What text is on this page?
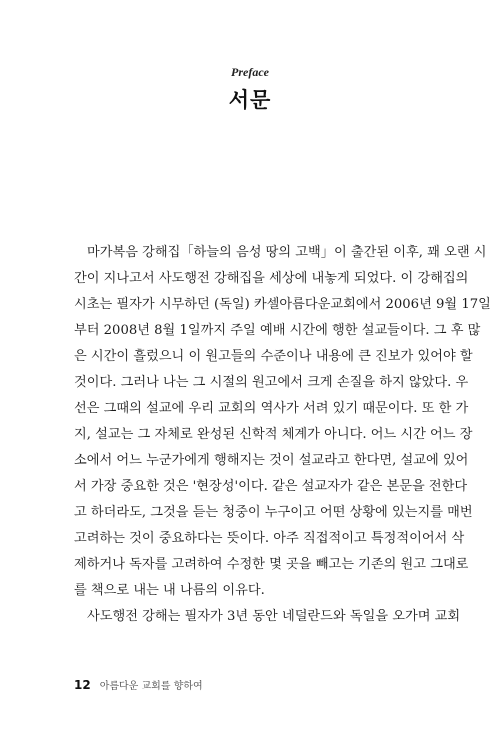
Preface
서문
마가복음 강해집「하늘의 음성 땅의 고백」이 출간된 이후, 꽤 오랜 시
간이 지나고서 사도행전 강해집을 세상에 내놓게 되었다. 이 강해집의
시초는 필자가 시무하던 (독일) 카셀아름다운교회에서 2006년 9월 17일
부터 2008년 8월 1일까지 주일 예배 시간에 행한 설교들이다. 그 후 많
은 시간이 흘렀으니 이 원고들의 수준이나 내용에 큰 진보가 있어야 할
것이다. 그러나 나는 그 시절의 원고에서 크게 손질을 하지 않았다. 우
선은 그때의 설교에 우리 교회의 역사가 서려 있기 때문이다. 또 한 가
지, 설교는 그 자체로 완성된 신학적 체계가 아니다. 어느 시간 어느 장
소에서 어느 누군가에게 행해지는 것이 설교라고 한다면, 설교에 있어
서 가장 중요한 것은 '현장성'이다. 같은 설교자가 같은 본문을 전한다
고 하더라도, 그것을 듣는 청중이 누구이고 어떤 상황에 있는지를 매번
고려하는 것이 중요하다는 뜻이다. 아주 직접적이고 특정적이어서 삭
제하거나 독자를 고려하여 수정한 몇 곳을 빼고는 기존의 원고 그대로
를 책으로 내는 내 나름의 이유다.
사도행전 강해는 필자가 3년 동안 네덜란드와 독일을 오가며 교회
12 아름다운 교회를 향하여
